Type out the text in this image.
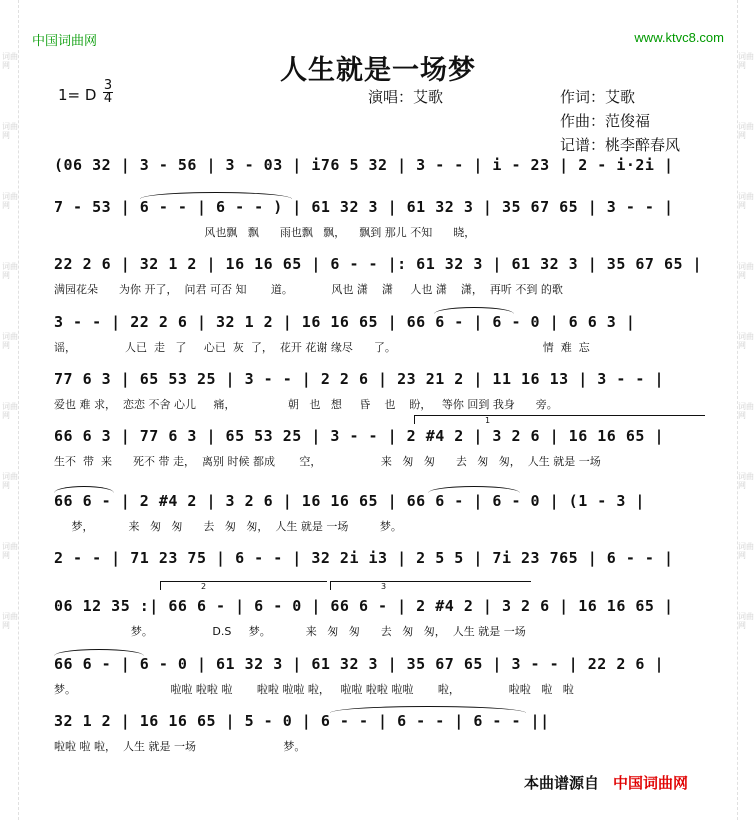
词曲网
词曲网
词曲网
词曲网
词曲网
词曲网
词曲网
词曲网
词曲网
词曲网
词曲网
词曲网
词曲网
词曲网
词曲网
词曲网
词曲网
词曲网
中国词曲网	www.ktvc8.com
人生就是一场梦
1= D $\frac{3}{4}$	演唱：艾歌	作词：艾歌
作曲：范俊福
记谱：桃李醉春风
(06 32 | 3 - 56 | 3 - 03 | i76 5 32 | 3 - - | i - 23 | 2 - i·2i |
7 - 53 | 6 - - | 6 - - ) | 61 32 3 | 61 32 3 | 35 67 65 | 3 - - |
风也飘   飘      雨也飘   飘，    飘到 那儿 不知      晓，
22 2 6 | 32 1 2 | 16 16 65 | 6 - - |: 61 32 3 | 61 32 3 | 35 67 65 |
满园花朵      为你 开了，  问君 可否 知       道。           风也 潇    潇     人也 潇    潇，  再听 不到 的歌
3 - - | 22 2 6 | 32 1 2 | 16 16 65 | 66 6 - | 6 - 0 | 6 6 3 |
谣，              人已  走   了     心已  灰  了，  花开 花谢 缘尽      了。                                          情  难  忘
77 6 3 | 65 53 25 | 3 - - | 2 2 6 | 23 21 2 | 11 16 13 | 3 - - |
爱也 难 求，  恋恋 不舍 心儿     痛，               朝   也   想     昏    也    盼，   等你 回到 我身      旁。
1
66 6 3 | 77 6 3 | 65 53 25 | 3 - - | 2 #4 2 | 3 2 6 | 16 16 65 |
生不  带  来      死不 带 走，  离别 时候 都成       空，                 来   匆   匆      去   匆   匆，  人生 就是 一场
66 6 - | 2 #4 2 | 3 2 6 | 16 16 65 | 66 6 - | 6 - 0 | (1 - 3 |
梦，          来   匆   匆      去   匆   匆，  人生 就是 一场         梦。
2 - - | 71 23 75 | 6 - - | 32 2i i3 | 2 5 5 | 7i 23 765 | 6 - - |
2	3
06 12 35 :| 66 6 - | 6 - 0 | 66 6 - | 2 #4 2 | 3 2 6 | 16 16 65 |
梦。                 D.S     梦。          来   匆   匆      去   匆   匆，  人生 就是 一场
66 6 - | 6 - 0 | 61 32 3 | 61 32 3 | 35 67 65 | 3 - - | 22 2 6 |
梦。                           啦啦 啦啦 啦       啦啦 啦啦 啦，   啦啦 啦啦 啦啦       啦，              啦啦   啦   啦
32 1 2 | 16 16 65 | 5 - 0 | 6 - - | 6 - - | 6 - - ||
啦啦 啦 啦，  人生 就是 一场                         梦。
本曲谱源自 中国词曲网
